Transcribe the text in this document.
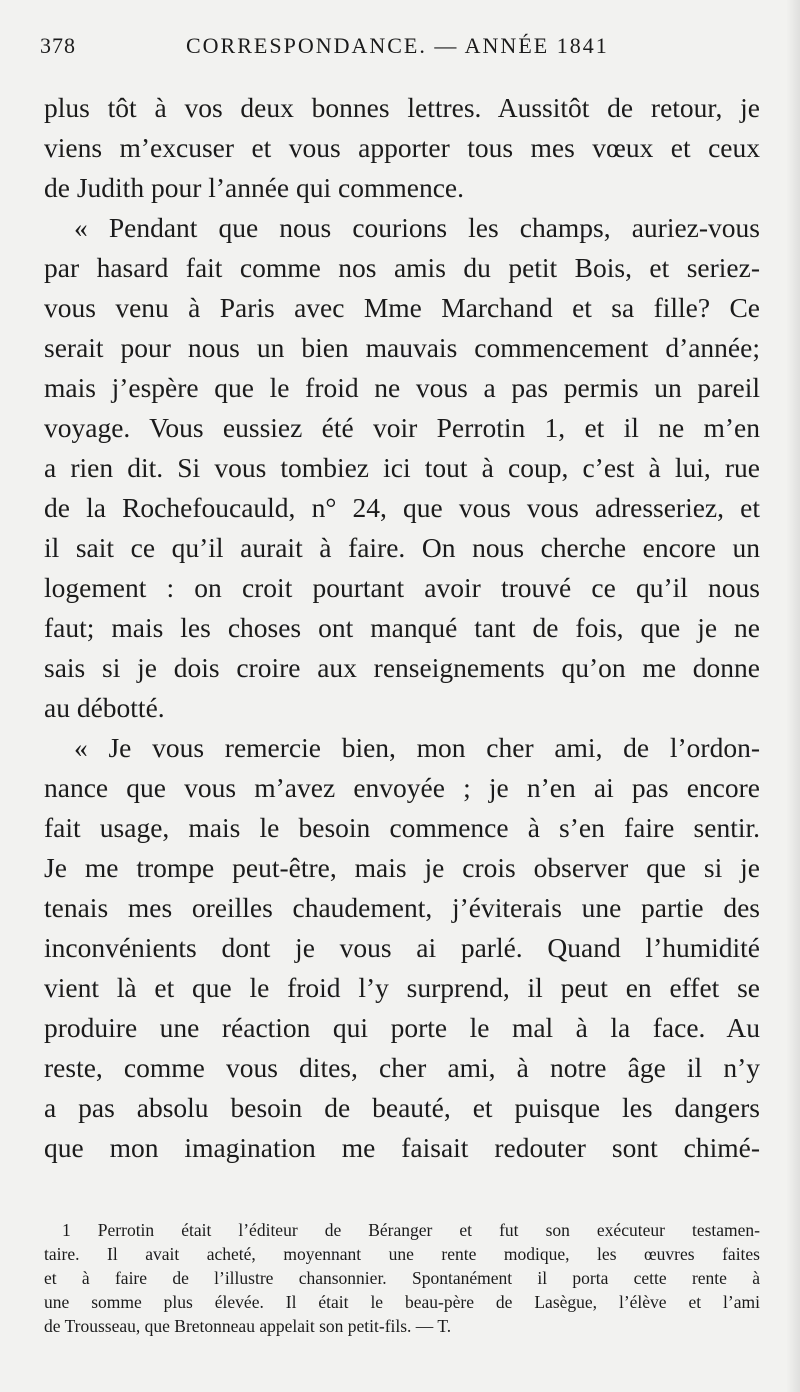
378	CORRESPONDANCE. — ANNÉE 1841
plus tôt à vos deux bonnes lettres. Aussitôt de retour, je
viens m’excuser et vous apporter tous mes vœux et ceux
de Judith pour l’année qui commence.
« Pendant que nous courions les champs, auriez-vous
par hasard fait comme nos amis du petit Bois, et seriez-
vous venu à Paris avec Mme Marchand et sa fille? Ce
serait pour nous un bien mauvais commencement d’année;
mais j’espère que le froid ne vous a pas permis un pareil
voyage. Vous eussiez été voir Perrotin 1, et il ne m’en
a rien dit. Si vous tombiez ici tout à coup, c’est à lui, rue
de la Rochefoucauld, n° 24, que vous vous adresseriez, et
il sait ce qu’il aurait à faire. On nous cherche encore un
logement : on croit pourtant avoir trouvé ce qu’il nous
faut; mais les choses ont manqué tant de fois, que je ne
sais si je dois croire aux renseignements qu’on me donne
au débotté.
« Je vous remercie bien, mon cher ami, de l’ordon-
nance que vous m’avez envoyée ; je n’en ai pas encore
fait usage, mais le besoin commence à s’en faire sentir.
Je me trompe peut-être, mais je crois observer que si je
tenais mes oreilles chaudement, j’éviterais une partie des
inconvénients dont je vous ai parlé. Quand l’humidité
vient là et que le froid l’y surprend, il peut en effet se
produire une réaction qui porte le mal à la face. Au
reste, comme vous dites, cher ami, à notre âge il n’y
a pas absolu besoin de beauté, et puisque les dangers
que mon imagination me faisait redouter sont chimé-
1 Perrotin était l’éditeur de Béranger et fut son exécuteur testamen-
taire. Il avait acheté, moyennant une rente modique, les œuvres faites
et à faire de l’illustre chansonnier. Spontanément il porta cette rente à
une somme plus élevée. Il était le beau-père de Lasègue, l’élève et l’ami
de Trousseau, que Bretonneau appelait son petit-fils. — T.
